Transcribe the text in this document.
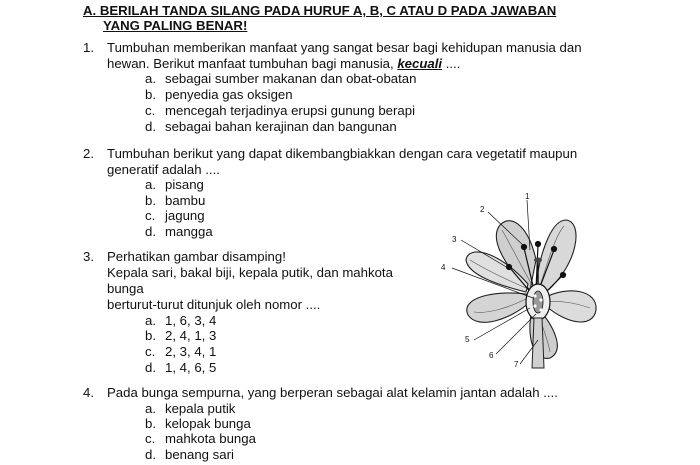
A. BERILAH TANDA SILANG PADA HURUF A, B, C ATAU D PADA JAWABAN
YANG PALING BENAR!
1. Tumbuhan memberikan manfaat yang sangat besar bagi kehidupan manusia dan
hewan. Berikut manfaat tumbuhan bagi manusia, kecuali ....
a. sebagai sumber makanan dan obat-obatan
b. penyedia gas oksigen
c. mencegah terjadinya erupsi gunung berapi
d. sebagai bahan kerajinan dan bangunan
2. Tumbuhan berikut yang dapat dikembangbiakkan dengan cara vegetatif maupun
generatif adalah ....
a. pisang
b. bambu
c. jagung
d. mangga
3. Perhatikan gambar disamping!
Kepala sari, bakal biji, kepala putik, dan mahkota
bunga
berturut-turut ditunjuk oleh nomor ....
a. 1, 6, 3, 4
b. 2, 4, 1, 3
c. 2, 3, 4, 1
d. 1, 4, 6, 5
1
2
3
4
5
6
7
4. Pada bunga sempurna, yang berperan sebagai alat kelamin jantan adalah ....
a. kepala putik
b. kelopak bunga
c. mahkota bunga
d. benang sari
